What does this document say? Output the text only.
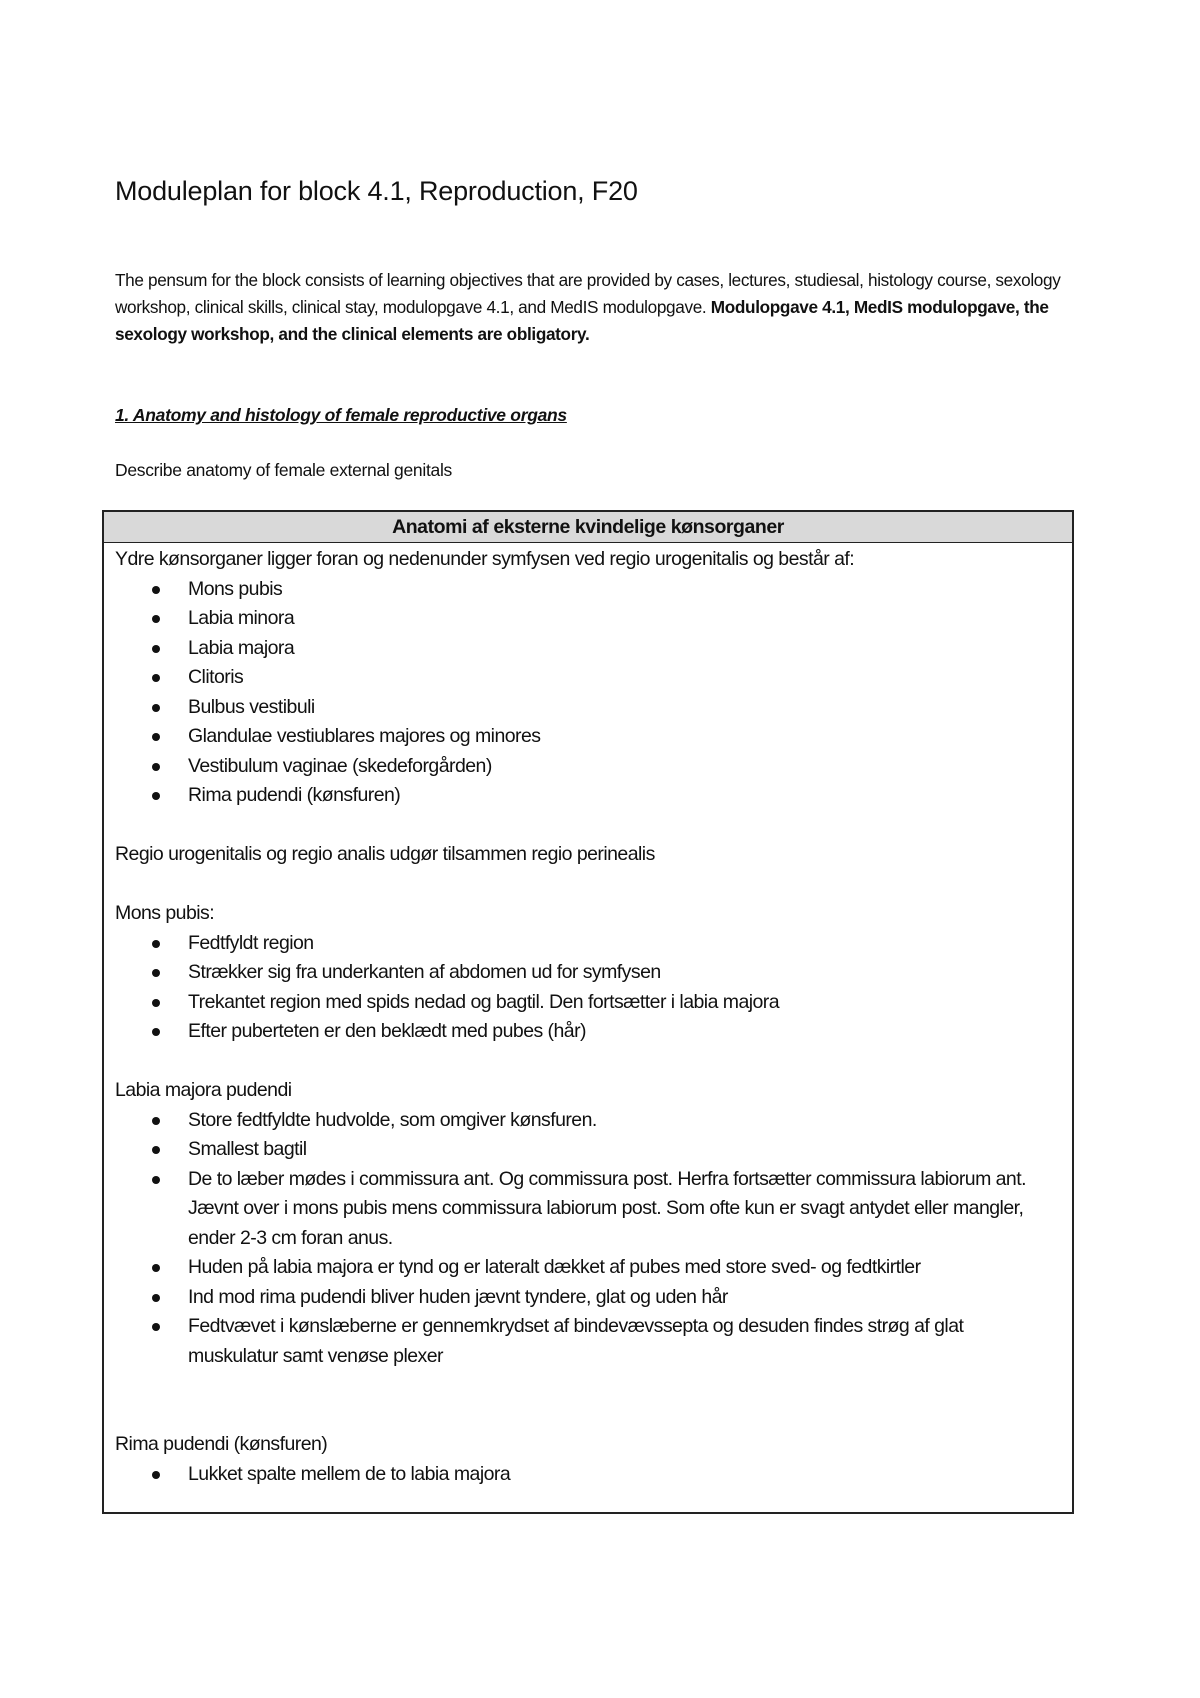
Moduleplan for block 4.1, Reproduction, F20

The pensum for the block consists of learning objectives that are provided by cases, lectures, studiesal, histology course, sexology workshop, clinical skills, clinical stay, modulopgave 4.1, and MedIS modulopgave. Modulopgave 4.1, MedIS modulopgave, the sexology workshop, and the clinical elements are obligatory.

1. Anatomy and histology of female reproductive organs

Describe anatomy of female external genitals

Anatomi af eksterne kvindelige kønsorganer

Ydre kønsorganer ligger foran og nedenunder symfysen ved regio urogenitalis og består af:

Mons pubis
Labia minora
Labia majora
Clitoris
Bulbus vestibuli
Glandulae vestiublares majores og minores
Vestibulum vaginae (skedeforgården)
Rima pudendi (kønsfuren)

Regio urogenitalis og regio analis udgør tilsammen regio perinealis

Mons pubis:

Fedtfyldt region
Strækker sig fra underkanten af abdomen ud for symfysen
Trekantet region med spids nedad og bagtil. Den fortsætter i labia majora
Efter puberteten er den beklædt med pubes (hår)

Labia majora pudendi

Store fedtfyldte hudvolde, som omgiver kønsfuren.
Smallest bagtil
De to læber mødes i commissura ant. Og commissura post. Herfra fortsætter commissura labiorum ant. Jævnt over i mons pubis mens commissura labiorum post. Som ofte kun er svagt antydet eller mangler, ender 2-3 cm foran anus.
Huden på labia majora er tynd og er lateralt dækket af pubes med store sved- og fedtkirtler
Ind mod rima pudendi bliver huden jævnt tyndere, glat og uden hår
Fedtvævet i kønslæberne er gennemkrydset af bindevævssepta og desuden findes strøg af glat muskulatur samt venøse plexer

Rima pudendi (kønsfuren)

Lukket spalte mellem de to labia majora
